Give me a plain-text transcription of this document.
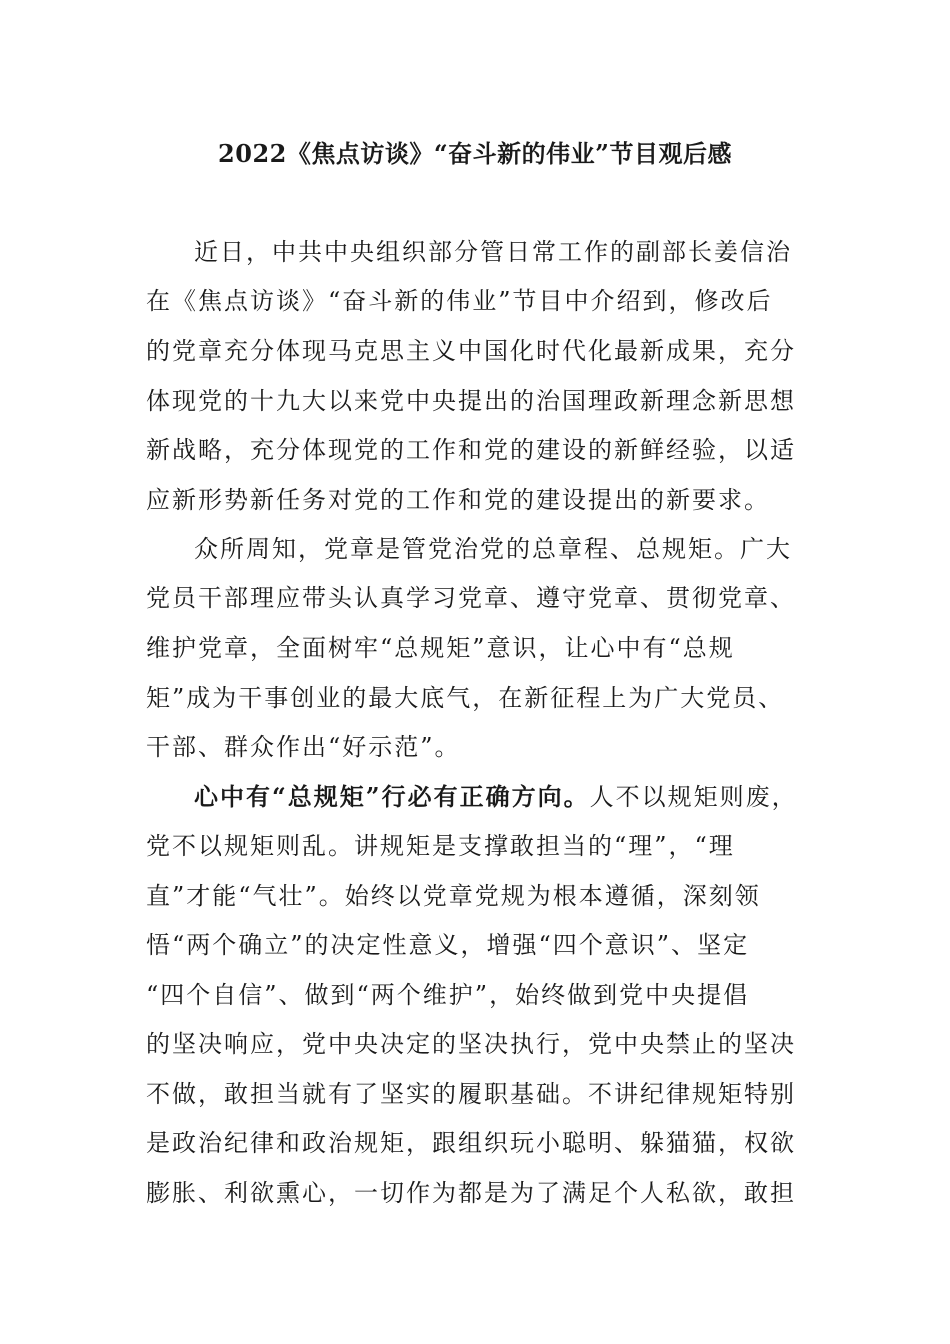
2022《焦点访谈》“奋斗新的伟业”节目观后感
近日，中共中央组织部分管日常工作的副部长姜信治
在《焦点访谈》“奋斗新的伟业”节目中介绍到，修改后
的党章充分体现马克思主义中国化时代化最新成果，充分
体现党的十九大以来党中央提出的治国理政新理念新思想
新战略，充分体现党的工作和党的建设的新鲜经验，以适
应新形势新任务对党的工作和党的建设提出的新要求。
众所周知，党章是管党治党的总章程、总规矩。广大
党员干部理应带头认真学习党章、遵守党章、贯彻党章、
维护党章，全面树牢“总规矩”意识，让心中有“总规
矩”成为干事创业的最大底气，在新征程上为广大党员、
干部、群众作出“好示范”。
心中有“总规矩”行必有正确方向。人不以规矩则废，
党不以规矩则乱。讲规矩是支撑敢担当的“理”，“理
直”才能“气壮”。始终以党章党规为根本遵循，深刻领
悟“两个确立”的决定性意义，增强“四个意识”、坚定
“四个自信”、做到“两个维护”，始终做到党中央提倡
的坚决响应，党中央决定的坚决执行，党中央禁止的坚决
不做，敢担当就有了坚实的履职基础。不讲纪律规矩特别
是政治纪律和政治规矩，跟组织玩小聪明、躲猫猫，权欲
膨胀、利欲熏心，一切作为都是为了满足个人私欲，敢担
